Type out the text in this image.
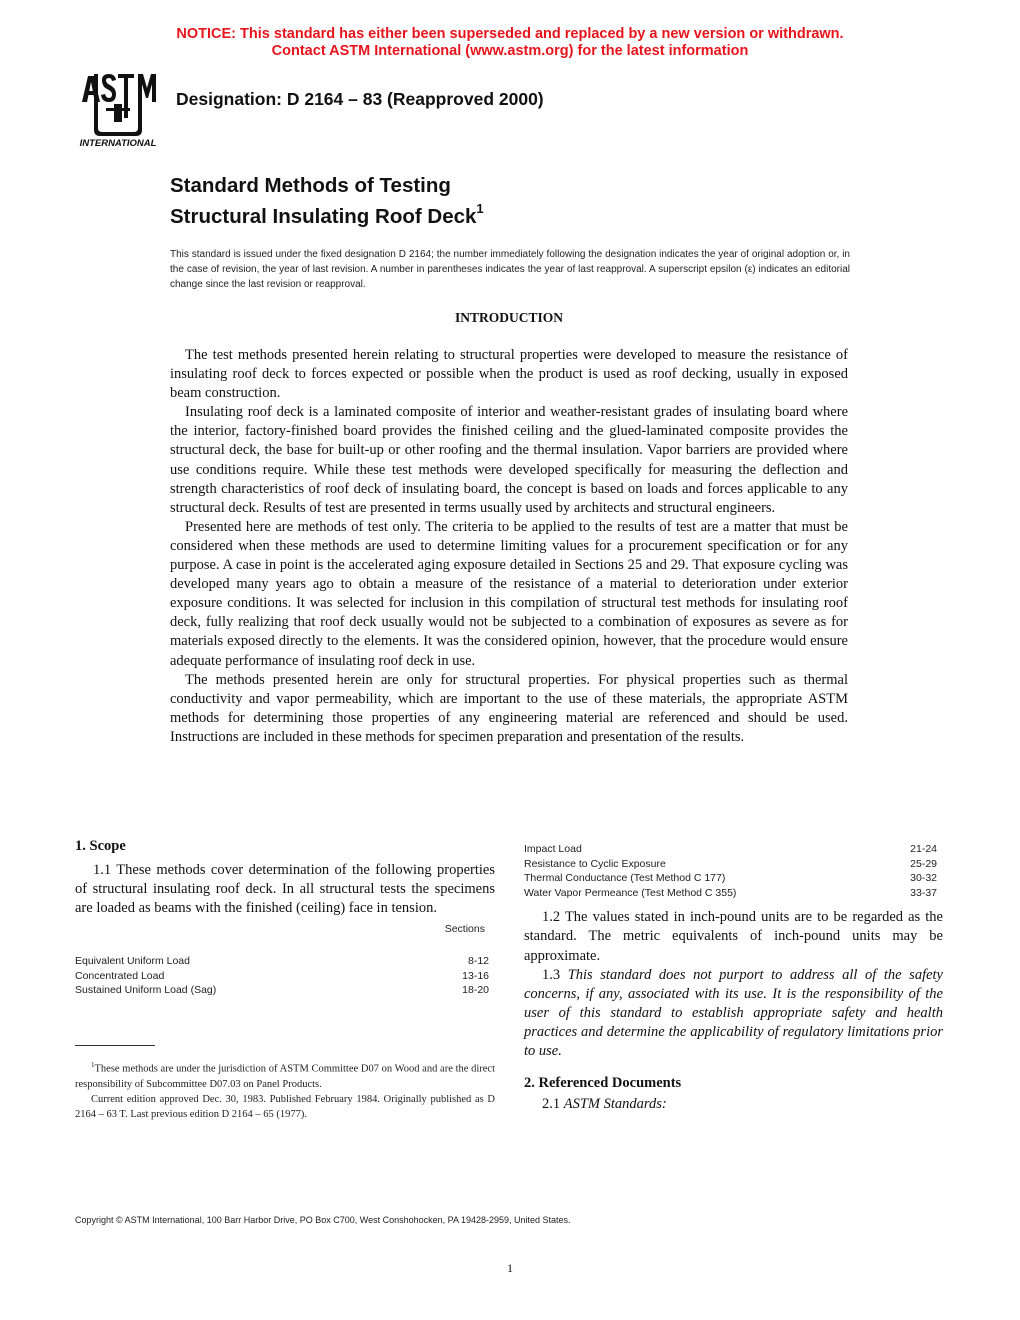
NOTICE: This standard has either been superseded and replaced by a new version or withdrawn.
Contact ASTM International (www.astm.org) for the latest information
INTERNATIONAL
Designation: D 2164 – 83 (Reapproved 2000)
Standard Methods of Testing
Structural Insulating Roof Deck$^1$
This standard is issued under the fixed designation D 2164; the number immediately following the designation indicates the year of original adoption or, in the case of revision, the year of last revision. A number in parentheses indicates the year of last reapproval. A superscript epsilon (ε) indicates an editorial change since the last revision or reapproval.
INTRODUCTION

The test methods presented herein relating to structural properties were developed to measure the resistance of insulating roof deck to forces expected or possible when the product is used as roof decking, usually in exposed beam construction.

Insulating roof deck is a laminated composite of interior and weather-resistant grades of insulating board where the interior, factory-finished board provides the finished ceiling and the glued-laminated composite provides the structural deck, the base for built-up or other roofing and the thermal insulation. Vapor barriers are provided where use conditions require. While these test methods were developed specifically for measuring the deflection and strength characteristics of roof deck of insulating board, the concept is based on loads and forces applicable to any structural deck. Results of test are presented in terms usually used by architects and structural engineers.

Presented here are methods of test only. The criteria to be applied to the results of test are a matter that must be considered when these methods are used to determine limiting values for a procurement specification or for any purpose. A case in point is the accelerated aging exposure detailed in Sections 25 and 29. That exposure cycling was developed many years ago to obtain a measure of the resistance of a material to deterioration under exterior exposure conditions. It was selected for inclusion in this compilation of structural test methods for insulating roof deck, fully realizing that roof deck usually would not be subjected to a combination of exposures as severe as for materials exposed directly to the elements. It was the considered opinion, however, that the procedure would ensure adequate performance of insulating roof deck in use.

The methods presented herein are only for structural properties. For physical properties such as thermal conductivity and vapor permeability, which are important to the use of these materials, the appropriate ASTM methods for determining those properties of any engineering material are referenced and should be used. Instructions are included in these methods for specimen preparation and presentation of the results.

1. Scope

1.1 These methods cover determination of the following properties of structural insulating roof deck. In all structural tests the specimens are loaded as beams with the finished (ceiling) face in tension.

	Sections
Equivalent Uniform Load	8-12
Concentrated Load	13-16
Sustained Uniform Load (Sag)	18-20
Impact Load	21-24
Resistance to Cyclic Exposure	25-29
Thermal Conductance (Test Method C 177)	30-32
Water Vapor Permeance (Test Method C 355)	33-37

1.2 The values stated in inch-pound units are to be regarded as the standard. The metric equivalents of inch-pound units may be approximate.

1.3 This standard does not purport to address all of the safety concerns, if any, associated with its use. It is the responsibility of the user of this standard to establish appropriate safety and health practices and determine the applicability of regulatory limitations prior to use.

2. Referenced Documents

2.1 ASTM Standards:

$^1$These methods are under the jurisdiction of ASTM Committee D07 on Wood and are the direct responsibility of Subcommittee D07.03 on Panel Products.

Current edition approved Dec. 30, 1983. Published February 1984. Originally published as D 2164 – 63 T. Last previous edition D 2164 – 65 (1977).

Copyright © ASTM International, 100 Barr Harbor Drive, PO Box C700, West Conshohocken, PA 19428-2959, United States.
1
